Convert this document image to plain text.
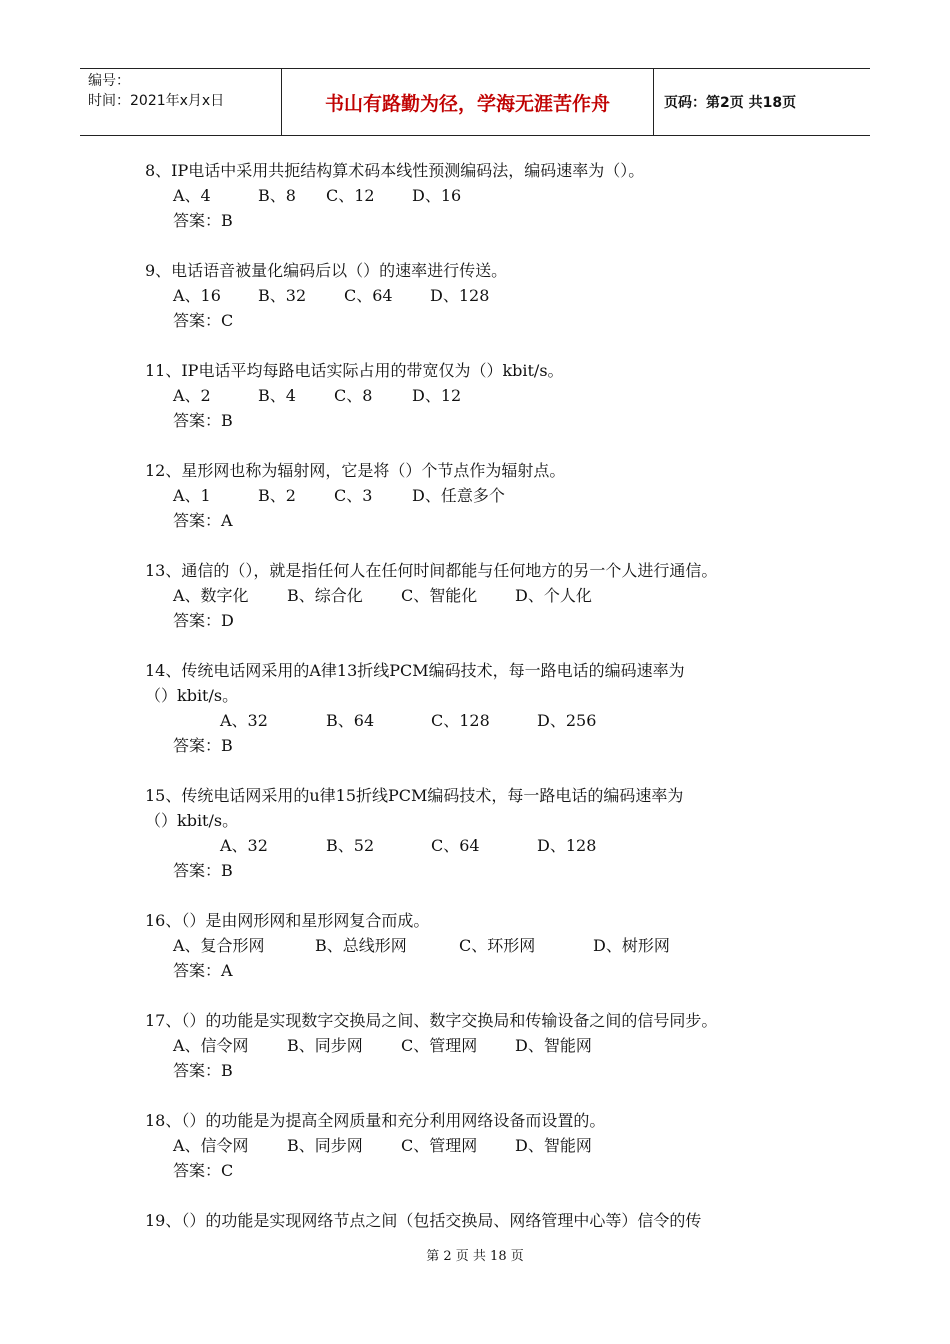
编号：
时间：2021年x月x日	书山有路勤为径，学海无涯苦作舟	页码：第2页 共18页
8、IP电话中采用共扼结构算术码本线性预测编码法，编码速率为（）。
A、4	B、8 C、12 D、16
答案：B
9、电话语音被量化编码后以（）的速率进行传送。
A、16 B、32 C、64 D、128
答案：C
11、IP电话平均每路电话实际占用的带宽仅为（）kbit/s。
A、2	B、4 C、8 D、12
答案：B
12、星形网也称为辐射网，它是将（）个节点作为辐射点。
A、1	B、2 C、3 D、任意多个
答案：A
13、通信的（），就是指任何人在任何时间都能与任何地方的另一个人进行通信。
A、数字化 B、综合化 C、智能化 D、个人化
答案：D
14、传统电话网采用的A律13折线PCM编码技术，每一路电话的编码速率为
（）kbit/s。
A、32	B、64	C、128	D、256
答案：B
15、传统电话网采用的u律15折线PCM编码技术，每一路电话的编码速率为
（）kbit/s。
A、32	B、52	C、64	D、128
答案：B
16、（）是由网形网和星形网复合而成。
A、复合形网	B、总线形网	C、环形网	D、树形网
答案：A
17、（）的功能是实现数字交换局之间、数字交换局和传输设备之间的信号同步。
A、信令网 B、同步网 C、管理网 D、智能网
答案：B
18、（）的功能是为提高全网质量和充分利用网络设备而设置的。
A、信令网 B、同步网 C、管理网 D、智能网
答案：C
19、（）的功能是实现网络节点之间（包括交换局、网络管理中心等）信令的传
第 2 页 共 18 页
